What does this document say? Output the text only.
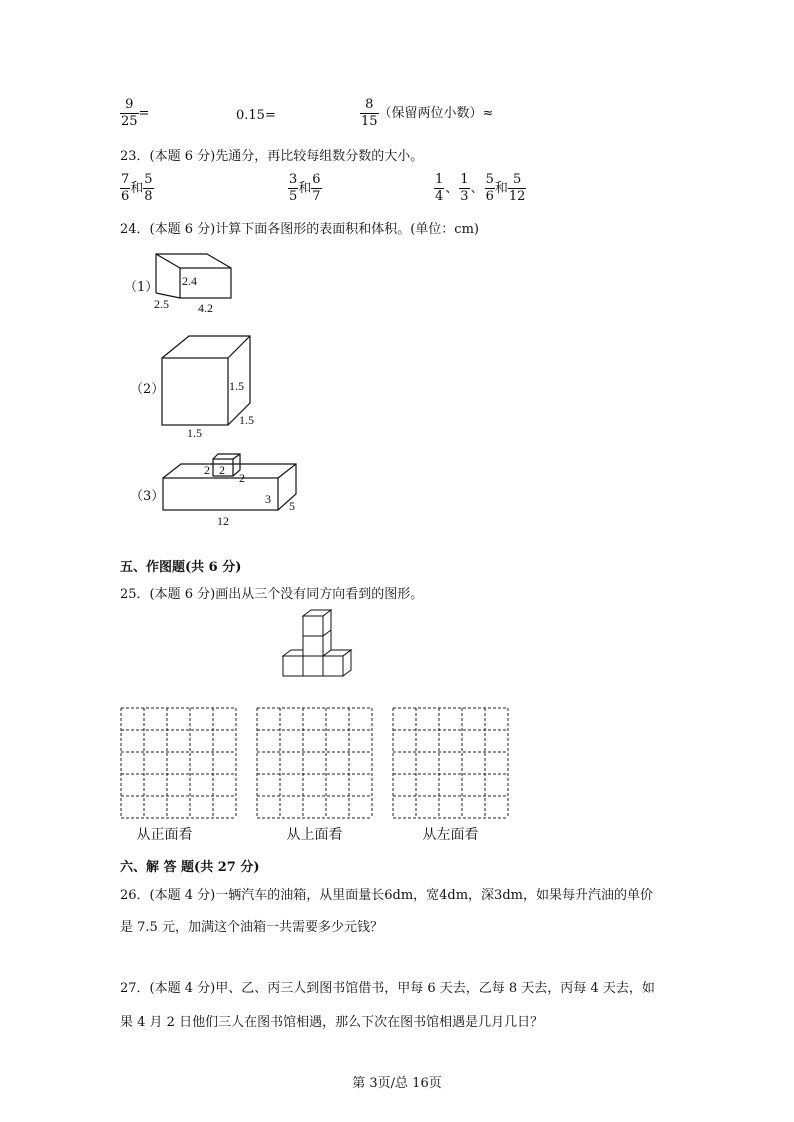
$\frac{9}{25}$ =	0.15=	$\frac{8}{15}$ （保留两位小数）≈
23．(本题 6 分)先通分，再比较每组数分数的大小。
$\frac{7}{6}$ 和 $\frac{5}{8}$	$\frac{3}{5}$ 和 $\frac{6}{7}$	$\frac{1}{4}$ 、 $\frac{1}{3}$ 、 $\frac{5}{6}$ 和 $\frac{5}{12}$
24．(本题 6 分)计算下面各图形的表面积和体积。(单位：cm)
（1） 2.4
2.5 4.2
（2）	1.5
1.5
1.5
（3）
2 2
2
3 5
12
五、作图题(共 6 分)
25．(本题 6 分)画出从三个没有同方向看到的图形。
从正面看	从上面看	从左面看
六、解 答 题(共 27 分)
26．(本题 4 分)一辆汽车的油箱，从里面量长6dm，宽4dm，深3dm，如果每升汽油的单价
是 7.5 元，加满这个油箱一共需要多少元钱？
27．(本题 4 分)甲、乙、丙三人到图书馆借书，甲每 6 天去，乙每 8 天去，丙每 4 天去，如
果 4 月 2 日他们三人在图书馆相遇，那么下次在图书馆相遇是几月几日？
第 3页/总 16页
